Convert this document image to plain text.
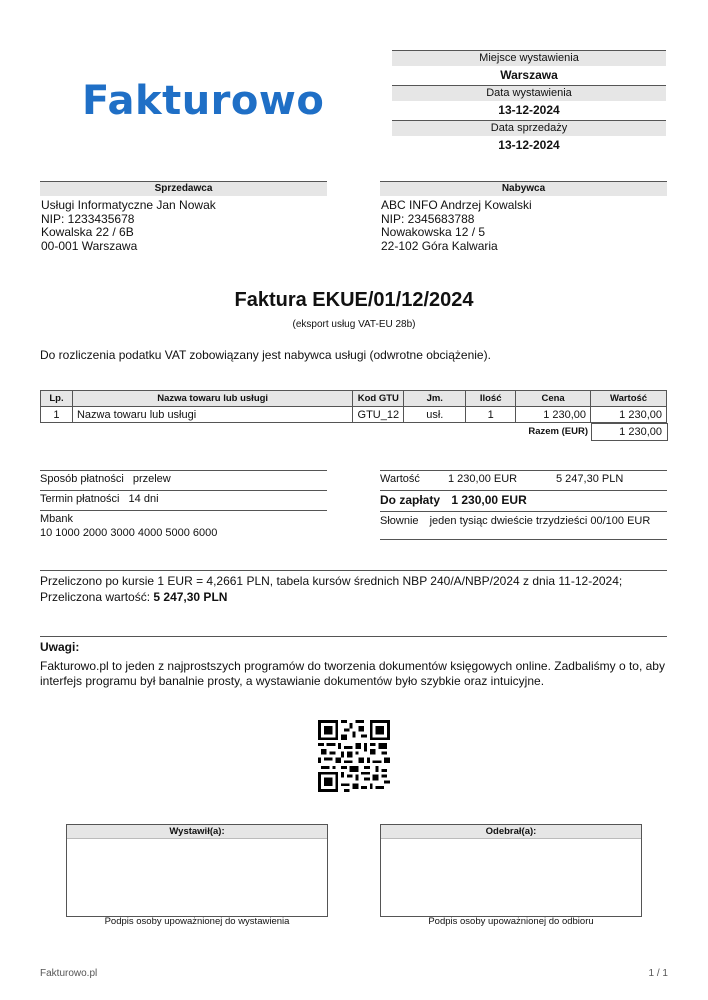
Fakturowo
Miejsce wystawienia
Warszawa
Data wystawienia
13-12-2024
Data sprzedaży
13-12-2024
Sprzedawca
Usługi Informatyczne Jan Nowak
NIP: 1233435678
Kowalska 22 / 6B
00-001 Warszawa
Nabywca
ABC INFO Andrzej Kowalski
NIP: 2345683788
Nowakowska 12 / 5
22-102 Góra Kalwaria
Faktura EKUE/01/12/2024
(eksport usług VAT-EU 28b)
Do rozliczenia podatku VAT zobowiązany jest nabywca usługi (odwrotne obciążenie).
Lp.	Nazwa towaru lub usługi	Kod GTU	Jm.	Ilość	Cena	Wartość
1	Nazwa towaru lub usługi	GTU_12	usł.	1	1 230,00	1 230,00
Razem (EUR)	1 230,00
Sposób płatności przelew
Termin płatności 14 dni
Mbank
10 1000 2000 3000 4000 5000 6000
Wartość	1 230,00 EUR	5 247,30 PLN
Do zapłaty 1 230,00 EUR
Słownie jeden tysiąc dwieście trzydzieści 00/100 EUR
Przeliczono po kursie 1 EUR = 4,2661 PLN, tabela kursów średnich NBP 240/A/NBP/2024 z dnia 11-12-2024;
Przeliczona wartość: 5 247,30 PLN
Uwagi:
Fakturowo.pl to jeden z najprostszych programów do tworzenia dokumentów księgowych online. Zadbaliśmy o to, aby interfejs programu był banalnie prosty, a wystawianie dokumentów było szybkie oraz intuicyjne.
Wystawił(a):
Podpis osoby upoważnionej do wystawienia
Odebrał(a):
Podpis osoby upoważnionej do odbioru
Fakturowo.pl	1 / 1
